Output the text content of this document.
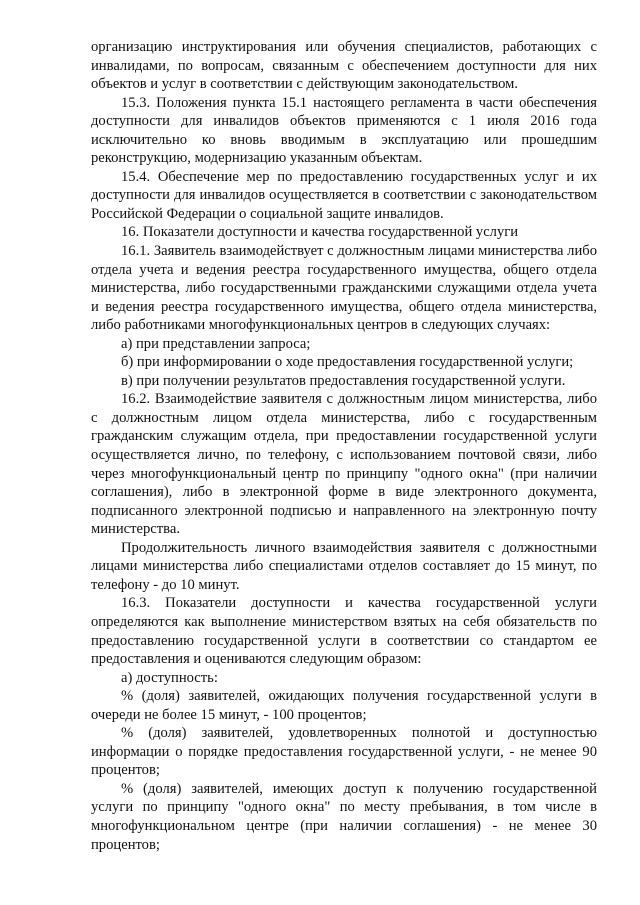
организацию инструктирования или обучения специалистов, работающих с инвалидами, по вопросам, связанным с обеспечением доступности для них объектов и услуг в соответствии с действующим законодательством.

15.3. Положения пункта 15.1 настоящего регламента в части обеспечения доступности для инвалидов объектов применяются с 1 июля 2016 года исключительно ко вновь вводимым в эксплуатацию или прошедшим реконструкцию, модернизацию указанным объектам.

15.4. Обеспечение мер по предоставлению государственных услуг и их доступности для инвалидов осуществляется в соответствии с законодательством Российской Федерации о социальной защите инвалидов.

16. Показатели доступности и качества государственной услуги

16.1. Заявитель взаимодействует с должностным лицами министерства либо отдела учета и ведения реестра государственного имущества, общего отдела министерства, либо государственными гражданскими служащими отдела учета и ведения реестра государственного имущества, общего отдела министерства, либо работниками многофункциональных центров в следующих случаях:

а) при представлении запроса;

б) при информировании о ходе предоставления государственной услуги;

в) при получении результатов предоставления государственной услуги.

16.2. Взаимодействие заявителя с должностным лицом министерства, либо с должностным лицом отдела министерства, либо с государственным гражданским служащим отдела, при предоставлении государственной услуги осуществляется лично, по телефону, с использованием почтовой связи, либо через многофункциональный центр по принципу "одного окна" (при наличии соглашения), либо в электронной форме в виде электронного документа, подписанного электронной подписью и направленного на электронную почту министерства.

Продолжительность личного взаимодействия заявителя с должностными лицами министерства либо специалистами отделов составляет до 15 минут, по телефону - до 10 минут.

16.3. Показатели доступности и качества государственной услуги определяются как выполнение министерством взятых на себя обязательств по предоставлению государственной услуги в соответствии со стандартом ее предоставления и оцениваются следующим образом:

а) доступность:

% (доля) заявителей, ожидающих получения государственной услуги в очереди не более 15 минут, - 100 процентов;

% (доля) заявителей, удовлетворенных полнотой и доступностью информации о порядке предоставления государственной услуги, - не менее 90 процентов;

% (доля) заявителей, имеющих доступ к получению государственной услуги по принципу "одного окна" по месту пребывания, в том числе в многофункциональном центре (при наличии соглашения) - не менее 30 процентов;
